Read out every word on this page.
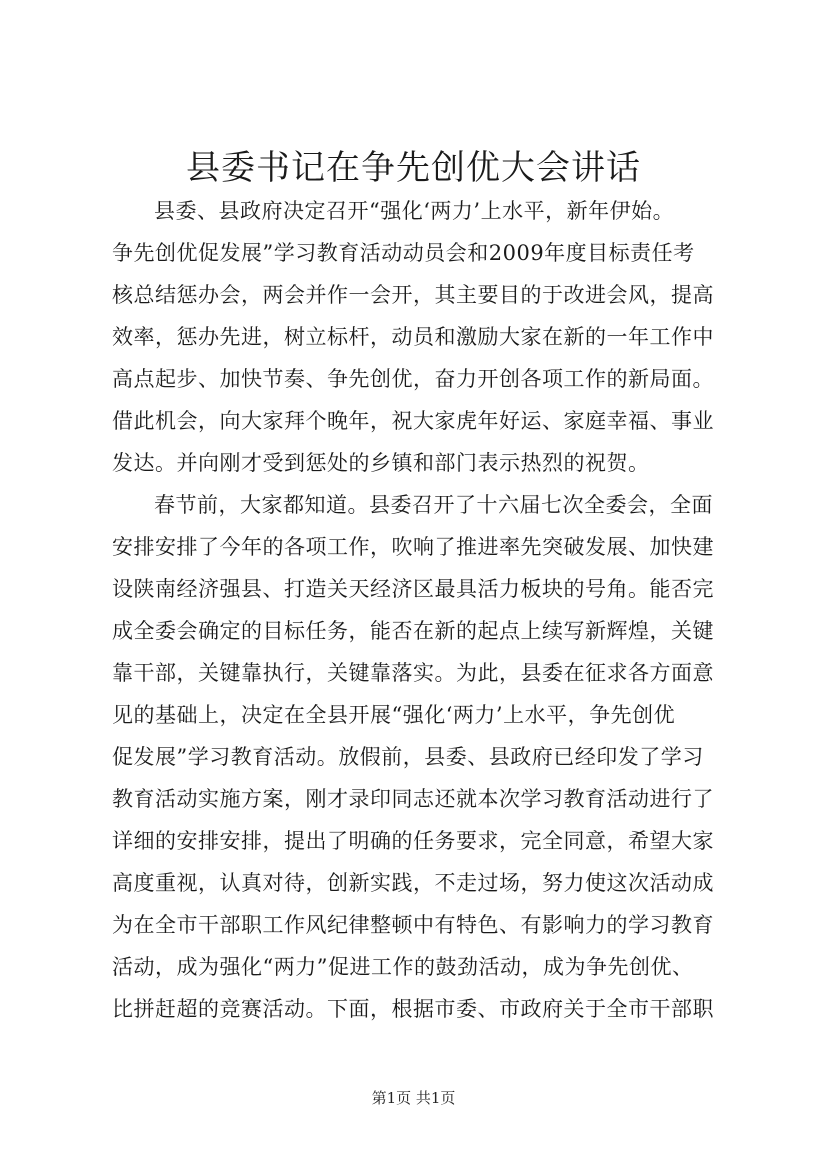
县委书记在争先创优大会讲话
县委、县政府决定召开“强化‘两力’上水平，新年伊始。
争先创优促发展”学习教育活动动员会和2009年度目标责任考
核总结惩办会，两会并作一会开，其主要目的于改进会风，提高
效率，惩办先进，树立标杆，动员和激励大家在新的一年工作中
高点起步、加快节奏、争先创优，奋力开创各项工作的新局面。
借此机会，向大家拜个晚年，祝大家虎年好运、家庭幸福、事业
发达。并向刚才受到惩处的乡镇和部门表示热烈的祝贺。
春节前，大家都知道。县委召开了十六届七次全委会，全面
安排安排了今年的各项工作，吹响了推进率先突破发展、加快建
设陕南经济强县、打造关天经济区最具活力板块的号角。能否完
成全委会确定的目标任务，能否在新的起点上续写新辉煌，关键
靠干部，关键靠执行，关键靠落实。为此，县委在征求各方面意
见的基础上，决定在全县开展“强化‘两力’上水平，争先创优
促发展”学习教育活动。放假前，县委、县政府已经印发了学习
教育活动实施方案，刚才录印同志还就本次学习教育活动进行了
详细的安排安排，提出了明确的任务要求，完全同意，希望大家
高度重视，认真对待，创新实践，不走过场，努力使这次活动成
为在全市干部职工作风纪律整顿中有特色、有影响力的学习教育
活动，成为强化“两力”促进工作的鼓劲活动，成为争先创优、
比拼赶超的竞赛活动。下面，根据市委、市政府关于全市干部职
第1页 共1页
